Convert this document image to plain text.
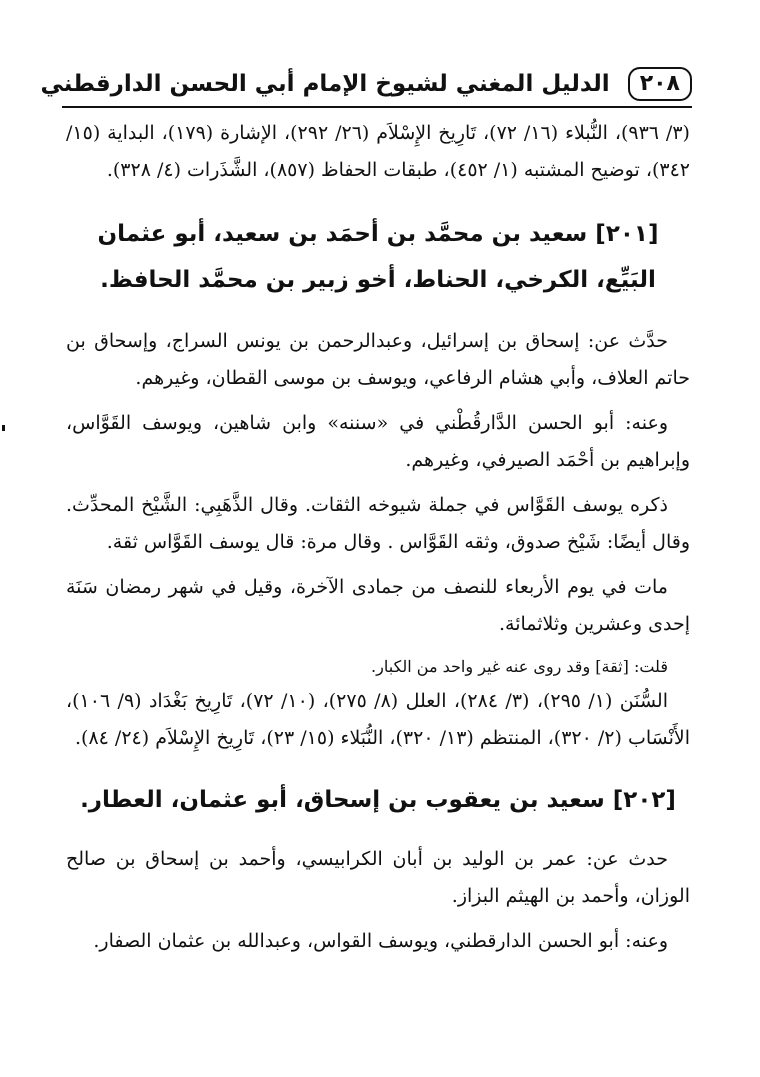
٢٠٨
الدليل المغني لشيوخ الإمام أبي الحسن الدارقطني

(٣/ ٩٣٦)، النُّبلاء (١٦/ ٧٢)، تَارِيخ الإِسْلاَم (٢٦/ ٢٩٢)، الإشارة (١٧٩)، البداية (١٥/ ٣٤٢)، توضيح المشتبه (١/ ٤٥٢)، طبقات الحفاظ (٨٥٧)، الشَّذَرات (٤/ ٣٢٨).

[٢٠١] سعيد بن محمَّد بن أحمَد بن سعيد، أبو عثمان البَيِّع، الكرخي، الحناط، أخو زبير بن محمَّد الحافظ.

حدَّث عن: إسحاق بن إسرائيل، وعبدالرحمن بن يونس السراج، وإسحاق بن حاتم العلاف، وأبي هشام الرفاعي، ويوسف بن موسى القطان، وغيرهم.

وعنه: أبو الحسن الدَّارقُطْني في «سننه» وابن شاهين، ويوسف القَوَّاس، وإبراهيم بن أحْمَد الصيرفي، وغيرهم.

ذكره يوسف القَوَّاس في جملة شيوخه الثقات. وقال الذَّهَبِي: الشَّيْخ المحدِّث. وقال أيضًا: شَيْخ صدوق، وثقه القَوَّاس . وقال مرة: قال يوسف القَوَّاس ثقة.

مات في يوم الأربعاء للنصف من جمادى الآخرة، وقيل في شهر رمضان سَنَة إحدى وعشرين وثلاثمائة.

قلت: [ثقة] وقد روى عنه غير واحد من الكبار.

السُّنَن (١/ ٢٩٥)، (٣/ ٢٨٤)، العلل (٨/ ٢٧٥)، (١٠/ ٧٢)، تَارِيخ بَغْدَاد (٩/ ١٠٦)، الأَنْسَاب (٢/ ٣٢٠)، المنتظم (١٣/ ٣٢٠)، النُّبَلاء (١٥/ ٢٣)، تَارِيخ الإِسْلاَم (٢٤/ ٨٤).

[٢٠٢] سعيد بن يعقوب بن إسحاق، أبو عثمان، العطار.

حدث عن: عمر بن الوليد بن أبان الكرابيسي، وأحمد بن إسحاق بن صالح الوزان، وأحمد بن الهيثم البزاز.

وعنه: أبو الحسن الدارقطني، ويوسف القواس، وعبدالله بن عثمان الصفار.
